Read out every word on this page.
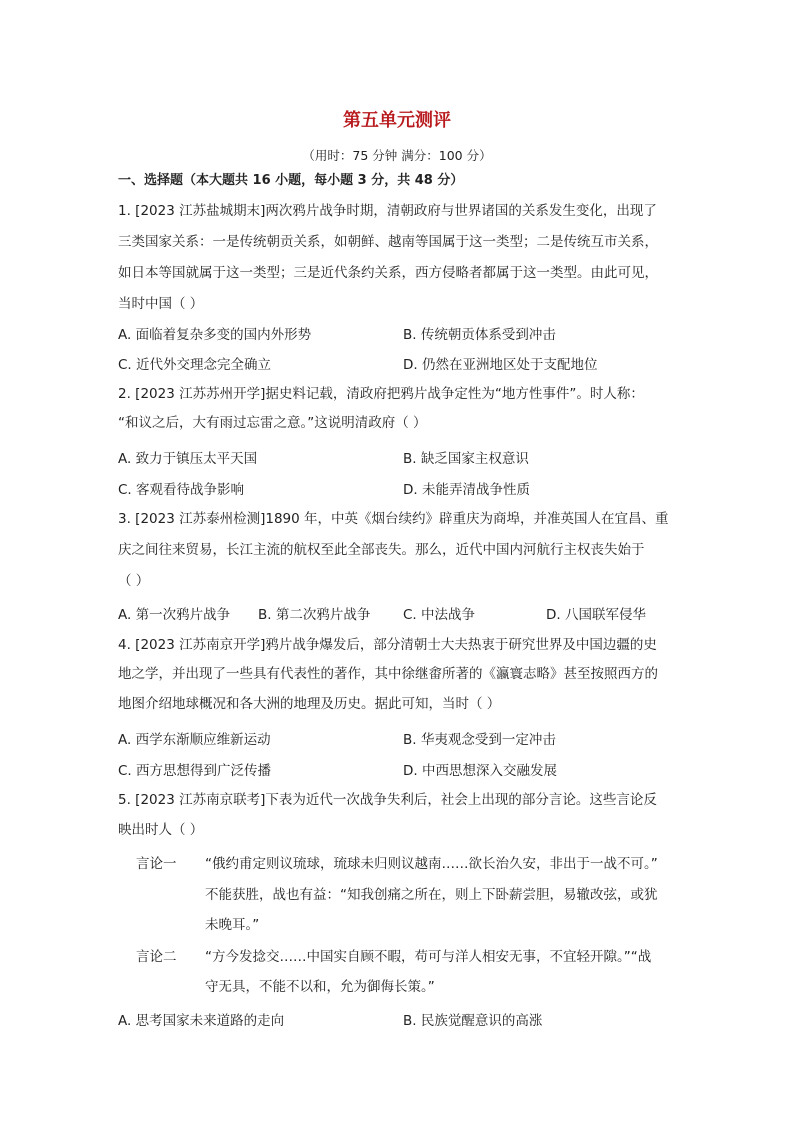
第五单元测评
（用时：75 分钟 满分：100 分）
一、选择题（本大题共 16 小题，每小题 3 分，共 48 分）
1. [2023 江苏盐城期末]两次鸦片战争时期，清朝政府与世界诸国的关系发生变化，出现了
三类国家关系：一是传统朝贡关系，如朝鲜、越南等国属于这一类型；二是传统互市关系，
如日本等国就属于这一类型；三是近代条约关系，西方侵略者都属于这一类型。由此可见，
当时中国（ ）
A. 面临着复杂多变的国内外形势	B. 传统朝贡体系受到冲击
C. 近代外交理念完全确立	D. 仍然在亚洲地区处于支配地位
2. [2023 江苏苏州开学]据史料记载，清政府把鸦片战争定性为“地方性事件”。时人称：
“和议之后，大有雨过忘雷之意。”这说明清政府（ ）
A. 致力于镇压太平天国	B. 缺乏国家主权意识
C. 客观看待战争影响	D. 未能弄清战争性质
3. [2023 江苏泰州检测]1890 年，中英《烟台续约》辟重庆为商埠，并准英国人在宜昌、重
庆之间往来贸易，长江主流的航权至此全部丧失。那么，近代中国内河航行主权丧失始于
（ ）
A. 第一次鸦片战争 B. 第二次鸦片战争 C. 中法战争	D. 八国联军侵华
4. [2023 江苏南京开学]鸦片战争爆发后，部分清朝士大夫热衷于研究世界及中国边疆的史
地之学，并出现了一些具有代表性的著作，其中徐继畬所著的《瀛寰志略》甚至按照西方的
地图介绍地球概况和各大洲的地理及历史。据此可知，当时（ ）
A. 西学东渐顺应维新运动	B. 华夷观念受到一定冲击
C. 西方思想得到广泛传播	D. 中西思想深入交融发展
5. [2023 江苏南京联考]下表为近代一次战争失利后，社会上出现的部分言论。这些言论反
映出时人（ ）
言论一 “俄约甫定则议琉球，琉球未归则议越南……欲长治久安，非出于一战不可。”
不能获胜，战也有益：“知我创痛之所在，则上下卧薪尝胆，易辙改弦，或犹
未晚耳。”
言论二 “方今发捻交……中国实自顾不暇，苟可与洋人相安无事，不宜轻开隙。”“战
守无具，不能不以和，允为御侮长策。”
A. 思考国家未来道路的走向	B. 民族觉醒意识的高涨
